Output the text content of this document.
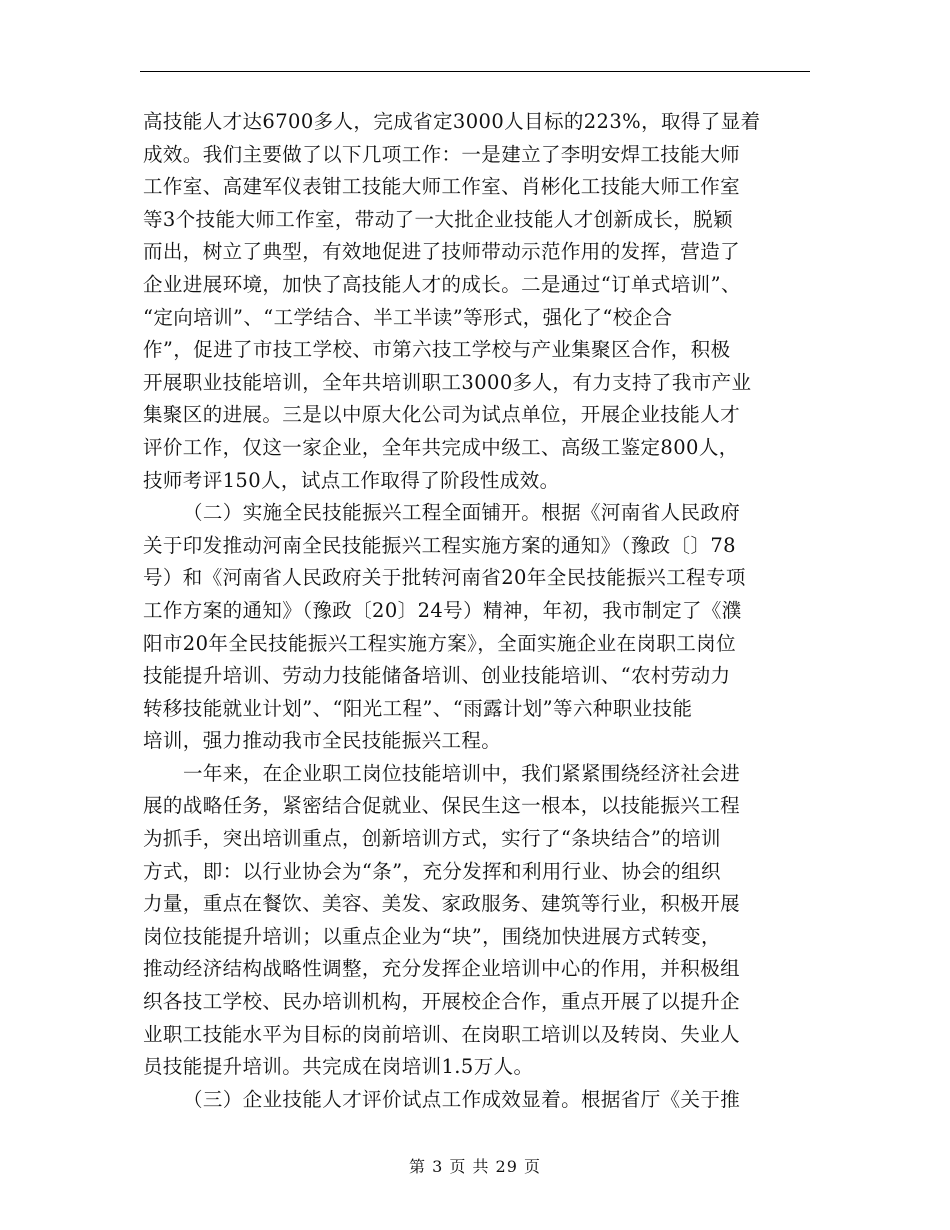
高技能人才达6700多人，完成省定3000人目标的223%，取得了显着
成效。我们主要做了以下几项工作：一是建立了李明安焊工技能大师
工作室、高建军仪表钳工技能大师工作室、肖彬化工技能大师工作室
等3个技能大师工作室，带动了一大批企业技能人才创新成长，脱颖
而出，树立了典型，有效地促进了技师带动示范作用的发挥，营造了
企业进展环境，加快了高技能人才的成长。二是通过“订单式培训”、
“定向培训”、“工学结合、半工半读”等形式，强化了“校企合
作”，促进了市技工学校、市第六技工学校与产业集聚区合作，积极
开展职业技能培训，全年共培训职工3000多人，有力支持了我市产业
集聚区的进展。三是以中原大化公司为试点单位，开展企业技能人才
评价工作，仅这一家企业，全年共完成中级工、高级工鉴定800人，
技师考评150人，试点工作取得了阶段性成效。
（二）实施全民技能振兴工程全面铺开。根据《河南省人民政府
关于印发推动河南全民技能振兴工程实施方案的通知》（豫政〔〕78
号）和《河南省人民政府关于批转河南省20年全民技能振兴工程专项
工作方案的通知》（豫政〔20〕24号）精神，年初，我市制定了《濮
阳市20年全民技能振兴工程实施方案》，全面实施企业在岗职工岗位
技能提升培训、劳动力技能储备培训、创业技能培训、“农村劳动力
转移技能就业计划”、“阳光工程”、“雨露计划”等六种职业技能
培训，强力推动我市全民技能振兴工程。
一年来，在企业职工岗位技能培训中，我们紧紧围绕经济社会进
展的战略任务，紧密结合促就业、保民生这一根本，以技能振兴工程
为抓手，突出培训重点，创新培训方式，实行了“条块结合”的培训
方式，即：以行业协会为“条”，充分发挥和利用行业、协会的组织
力量，重点在餐饮、美容、美发、家政服务、建筑等行业，积极开展
岗位技能提升培训；以重点企业为“块”，围绕加快进展方式转变，
推动经济结构战略性调整，充分发挥企业培训中心的作用，并积极组
织各技工学校、民办培训机构，开展校企合作，重点开展了以提升企
业职工技能水平为目标的岗前培训、在岗职工培训以及转岗、失业人
员技能提升培训。共完成在岗培训1.5万人。
（三）企业技能人才评价试点工作成效显着。根据省厅《关于推
第 3 页 共 29 页
